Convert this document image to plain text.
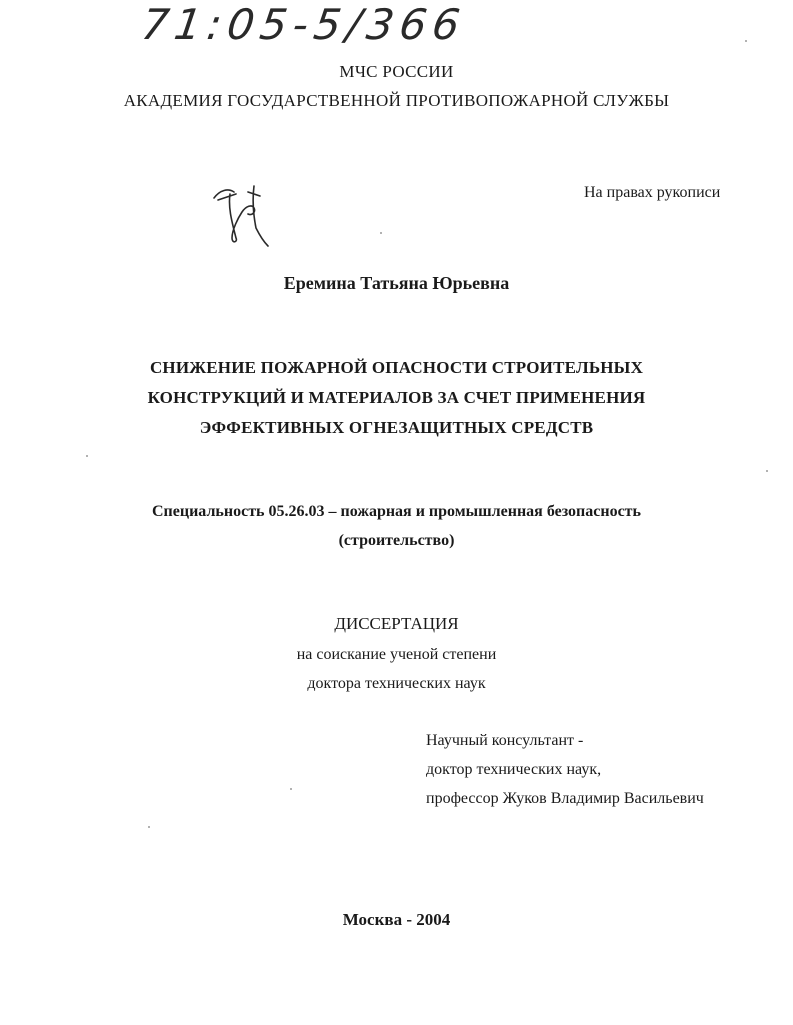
71:05-5/366
МЧС РОССИИ
АКАДЕМИЯ ГОСУДАРСТВЕННОЙ ПРОТИВОПОЖАРНОЙ СЛУЖБЫ
На правах рукописи
Еремина Татьяна Юрьевна
СНИЖЕНИЕ ПОЖАРНОЙ ОПАСНОСТИ СТРОИТЕЛЬНЫХ
КОНСТРУКЦИЙ И МАТЕРИАЛОВ ЗА СЧЕТ ПРИМЕНЕНИЯ
ЭФФЕКТИВНЫХ ОГНЕЗАЩИТНЫХ СРЕДСТВ
Специальность 05.26.03 – пожарная и промышленная безопасность
(строительство)
ДИССЕРТАЦИЯ
на соискание ученой степени
доктора технических наук
Научный консультант -
доктор технических наук,
профессор Жуков Владимир Васильевич
Москва - 2004
